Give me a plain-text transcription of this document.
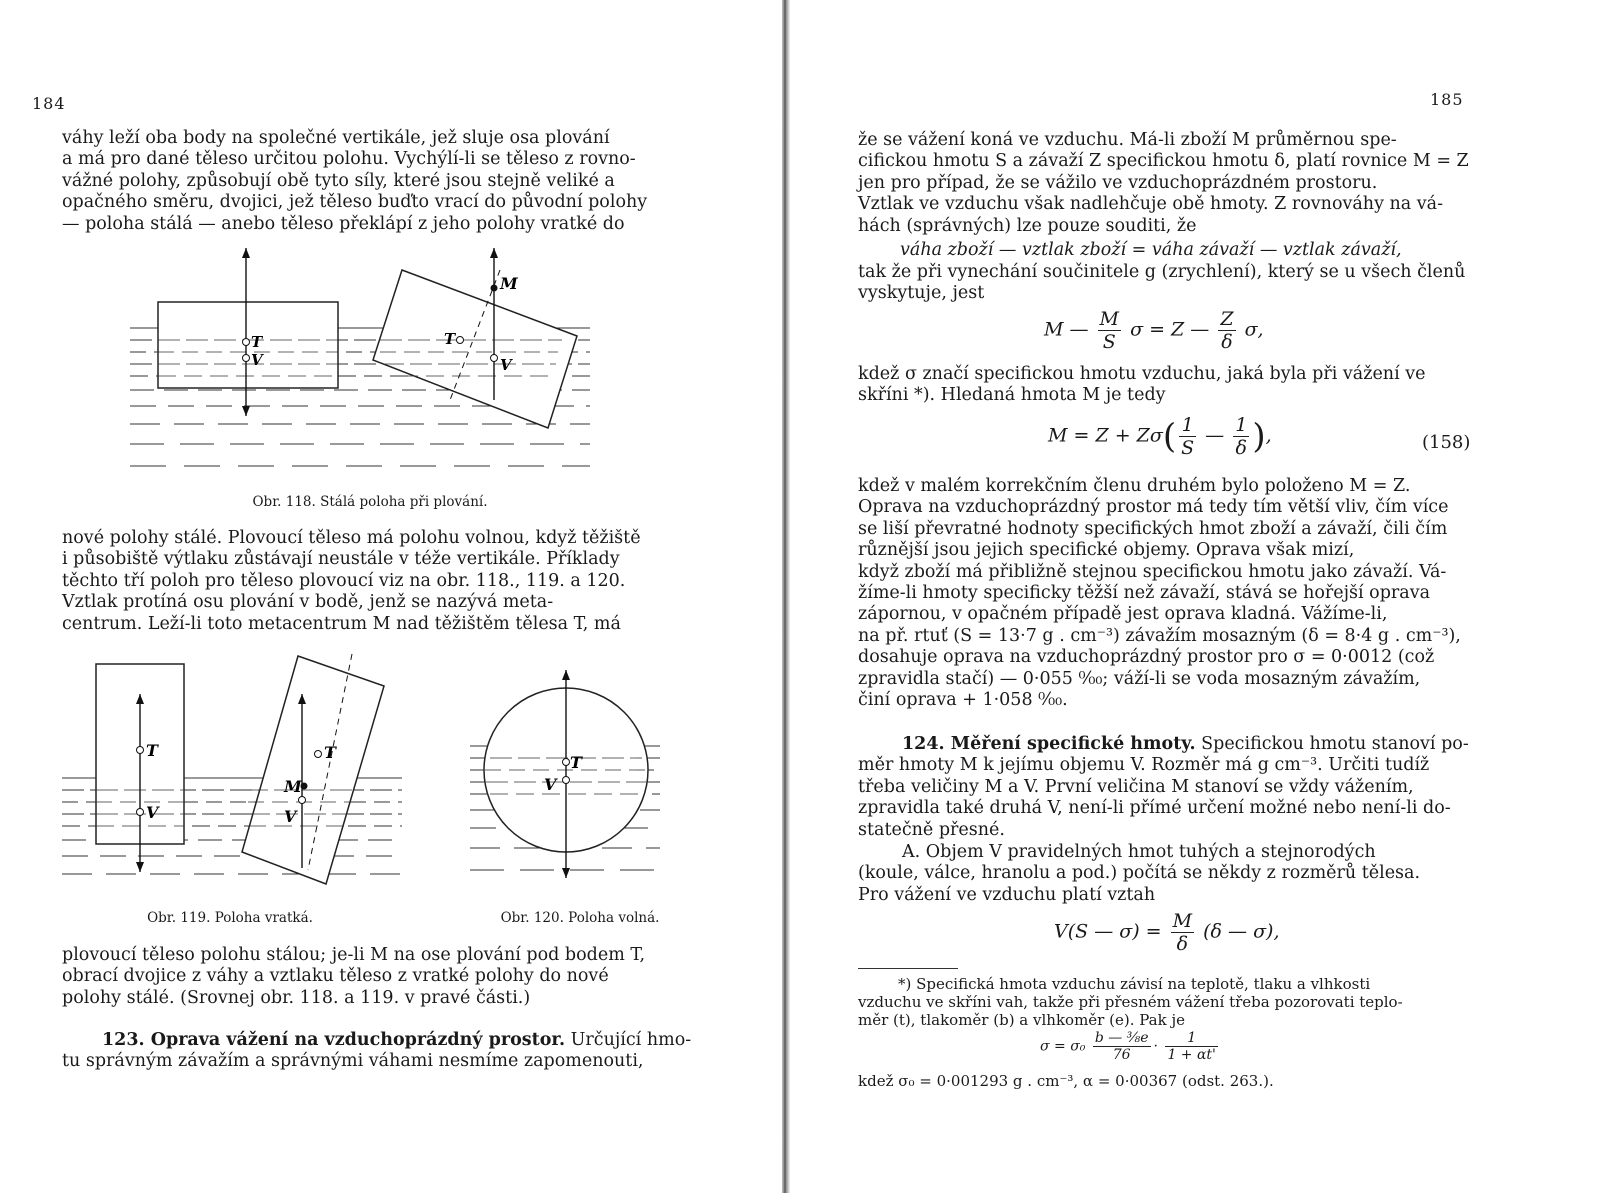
184
váhy leží oba body na společné vertikále, jež sluje osa plování
a má pro dané těleso určitou polohu. Vychýlí-li se těleso z rovno-
vážné polohy, způsobují obě tyto síly, které jsou stejně veliké a
opačného směru, dvojici, jež těleso buďto vrací do původní polohy
— poloha stálá — anebo těleso překlápí z jeho polohy vratké do
T
V
M
T
V
Obr. 118. Stálá poloha při plování.
nové polohy stálé. Plovoucí těleso má polohu volnou, když těžiště
i působiště výtlaku zůstávají neustále v téže vertikále. Příklady
těchto tří poloh pro těleso plovoucí viz na obr. 118., 119. a 120.
Vztlak protíná osu plování v bodě, jenž se nazývá meta-
centrum. Leží-li toto metacentrum M nad těžištěm tělesa T, má
T
V
T
M
V
Obr. 119. Poloha vratká.
T
V
Obr. 120. Poloha volná.
plovoucí těleso polohu stálou; je-li M na ose plování pod bodem T,
obrací dvojice z váhy a vztlaku těleso z vratké polohy do nové
polohy stálé. (Srovnej obr. 118. a 119. v pravé části.)
123. Oprava vážení na vzduchoprázdný prostor. Určující hmo-
tu správným závažím a správnými váhami nesmíme zapomenouti,
185
že se vážení koná ve vzduchu. Má-li zboží M průměrnou spe-
cifickou hmotu S a závaží Z specifickou hmotu δ, platí rovnice M = Z
jen pro případ, že se vážilo ve vzduchoprázdném prostoru.
Vztlak ve vzduchu však nadlehčuje obě hmoty. Z rovnováhy na vá-
hách (správných) lze pouze souditi, že
váha zboží — vztlak zboží = váha závaží — vztlak závaží,
tak že při vynechání součinitele g (zrychlení), který se u všech členů
vyskytuje, jest
M — $\frac{M}{S}$ σ = Z — $\frac{Z}{\delta} \sigma$,
kdež σ značí specifickou hmotu vzduchu, jaká byla při vážení ve
skříni *). Hledaná hmota M je tedy
$M = Z + Z\sigma( \frac{1}{S}$ — $\frac{1}{\delta}$ ),	(158)
kdež v malém korrekčním členu druhém bylo položeno M = Z.
Oprava na vzduchoprázdný prostor má tedy tím větší vliv, čím více
se liší převratné hodnoty specifických hmot zboží a závaží, čili čím
různější jsou jejich specifické objemy. Oprava však mizí,
když zboží má přibližně stejnou specifickou hmotu jako závaží. Vá-
žíme-li hmoty specificky těžší než závaží, stává se hořejší oprava
zápornou, v opačném případě jest oprava kladná. Vážíme-li,
na př. rtuť (S = 13·7 g . cm⁻³) závažím mosazným (δ = 8·4 g . cm⁻³),
dosahuje oprava na vzduchoprázdný prostor pro σ = 0·0012 (což
zpravidla stačí) — 0·055 ⁰⁄₀₀; váží-li se voda mosazným závažím,
činí oprava + 1·058 ⁰⁄₀₀.
124. Měření specifické hmoty. Specifickou hmotu stanoví po-
měr hmoty M k jejímu objemu V. Rozměr má g cm⁻³. Určiti tudíž
třeba veličiny M a V. První veličina M stanoví se vždy vážením,
zpravidla také druhá V, není-li přímé určení možné nebo není-li do-
statečně přesné.
A. Objem V pravidelných hmot tuhých a stejnorodých
(koule, válce, hranolu a pod.) počítá se někdy z rozměrů tělesa.
Pro vážení ve vzduchu platí vztah
V(S — $\sigma) = \frac{M}{\delta} (\delta$ — σ),
*) Specifická hmota vzduchu závisí na teplotě, tlaku a vlhkosti
vzduchu ve skříni vah, takže při přesném vážení třeba pozorovati teplo-
měr (t), tlakoměr (b) a vlhkoměr (e). Pak je
$\sigma = \sigma_0 \frac{\text{b — ⅜e}}{76} \cdot \frac{1}{1 + \alpha t'}$
kdež σ₀ = 0·001293 g . cm⁻³, α = 0·00367 (odst. 263.).
